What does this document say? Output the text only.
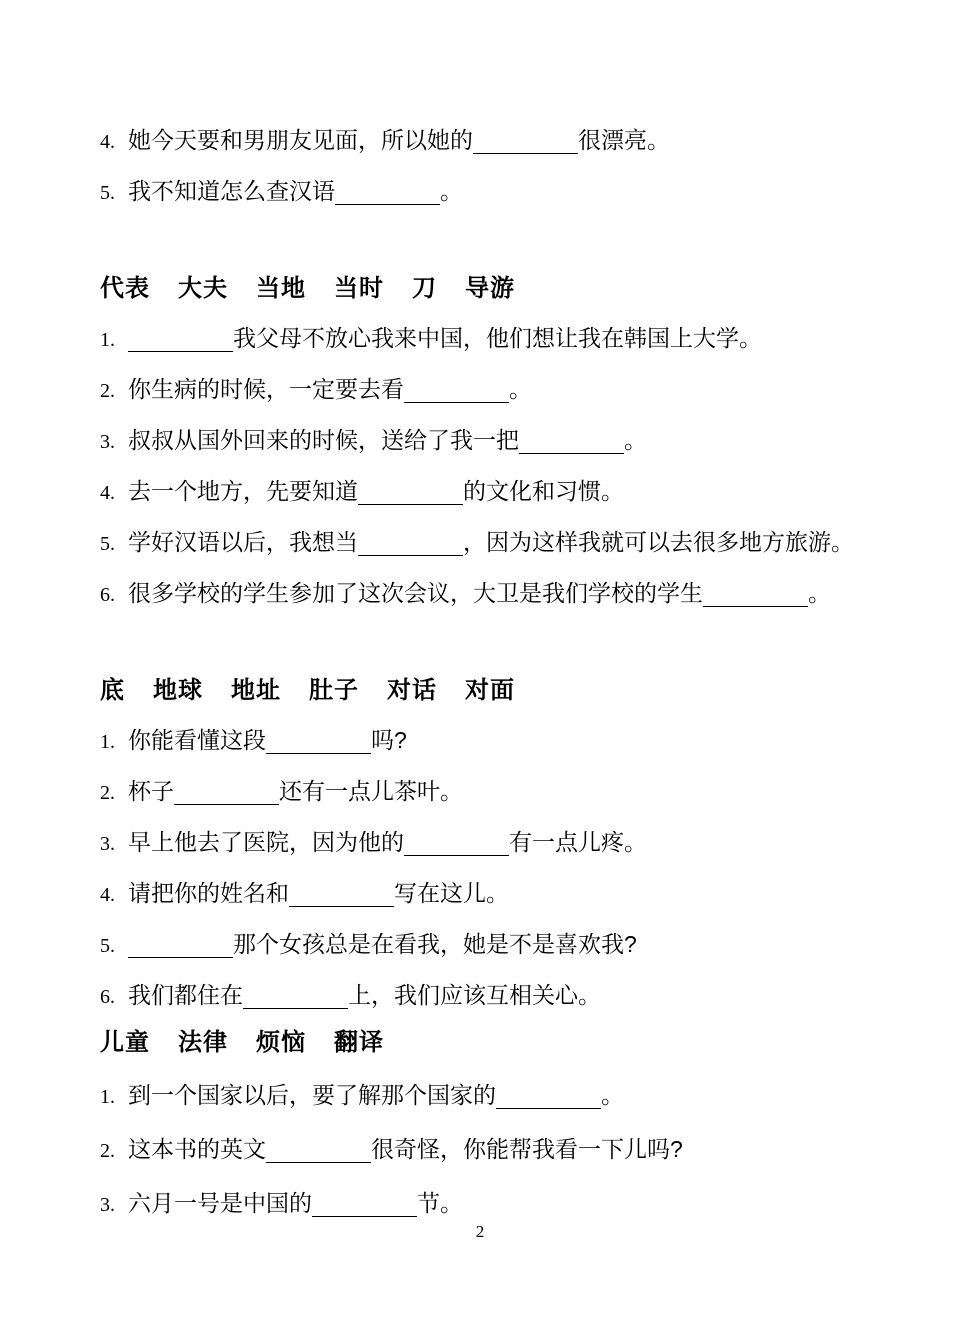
4. 她今天要和男朋友见面，所以她的	很漂亮。
5. 我不知道怎么查汉语	。
代表 大夫 当地 当时 刀 导游
1.	我父母不放心我来中国，他们想让我在韩国上大学。
2. 你生病的时候，一定要去看	。
3. 叔叔从国外回来的时候，送给了我一把	。
4. 去一个地方，先要知道	的文化和习惯。
5. 学好汉语以后，我想当	，因为这样我就可以去很多地方旅游。
6. 很多学校的学生参加了这次会议，大卫是我们学校的学生	。
底 地球 地址 肚子 对话 对面
1. 你能看懂这段	吗?
2. 杯子	还有一点儿茶叶。
3. 早上他去了医院，因为他的	有一点儿疼。
4. 请把你的姓名和	写在这儿。
5.	那个女孩总是在看我，她是不是喜欢我?
6. 我们都住在	上，我们应该互相关心。
儿童 法律 烦恼 翻译
1. 到一个国家以后，要了解那个国家的	。
2. 这本书的英文	很奇怪，你能帮我看一下儿吗?
3. 六月一号是中国的	节。
2
